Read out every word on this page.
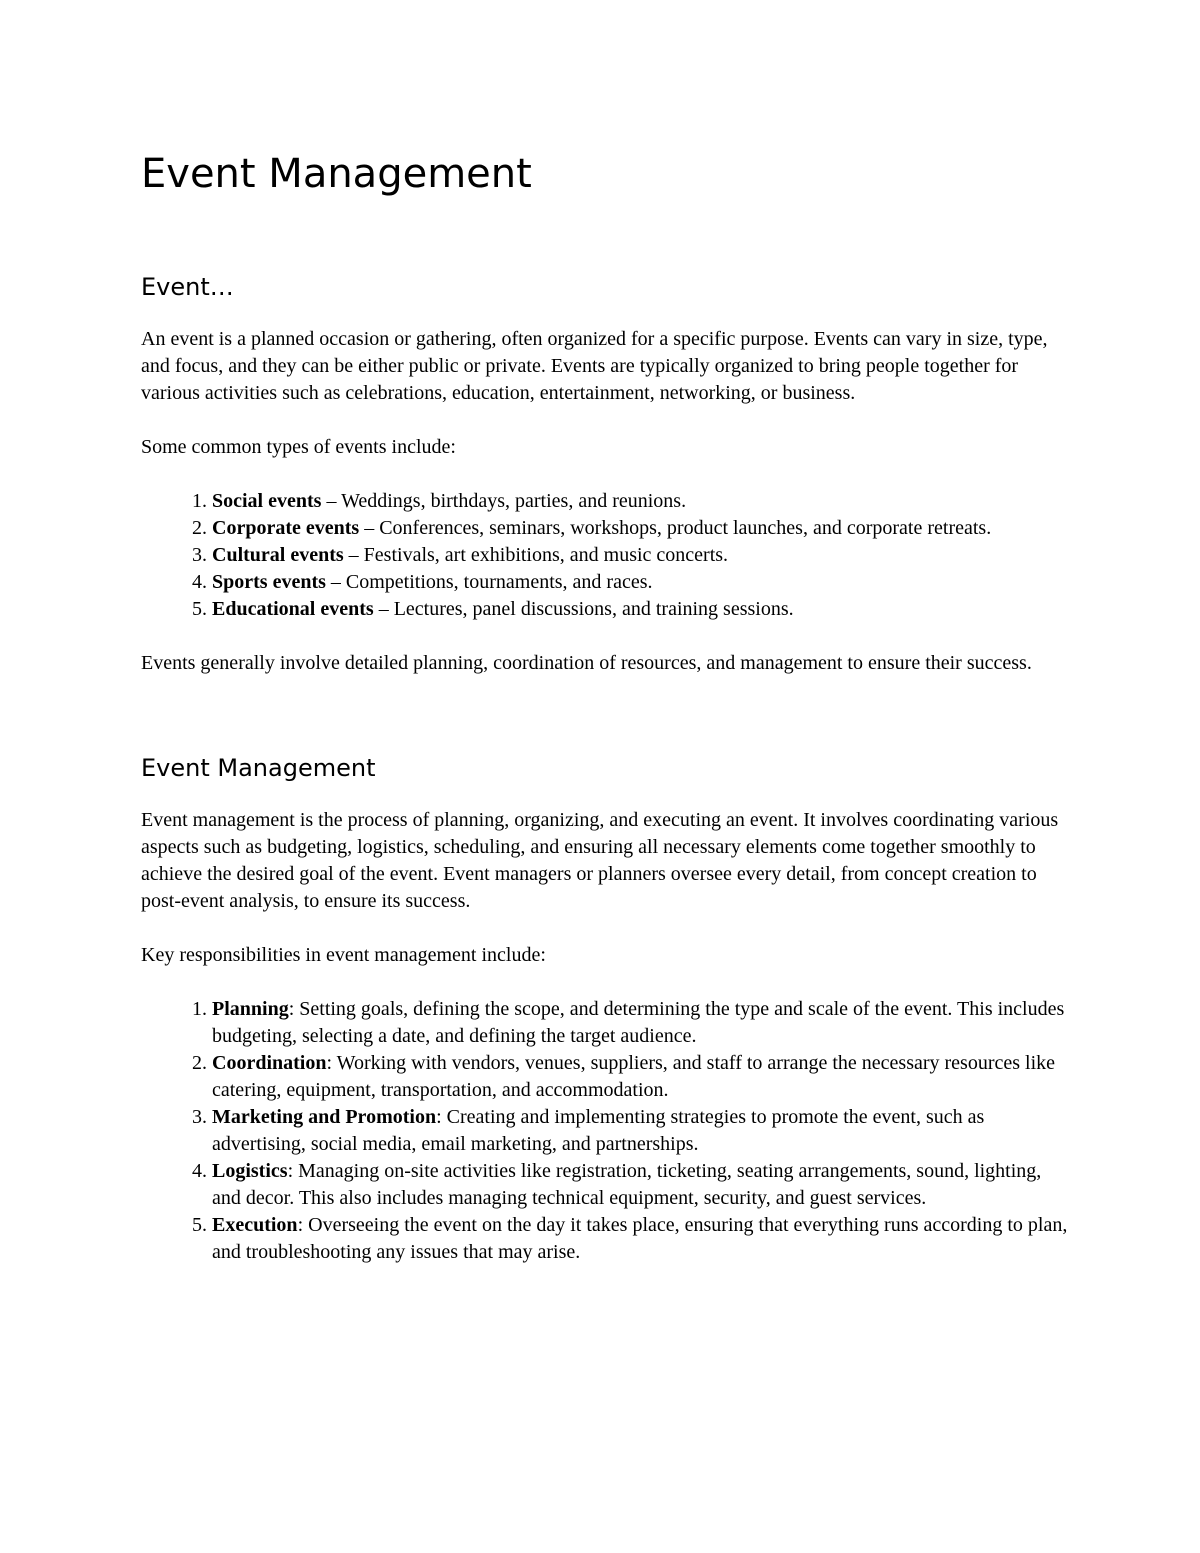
Event Management
Event…

An event is a planned occasion or gathering, often organized for a specific purpose. Events can vary in size, type, and focus, and they can be either public or private. Events are typically organized to bring people together for various activities such as celebrations, education, entertainment, networking, or business.

Some common types of events include:

1. Social events – Weddings, birthdays, parties, and reunions.
2. Corporate events – Conferences, seminars, workshops, product launches, and corporate retreats.
3. Cultural events – Festivals, art exhibitions, and music concerts.
4. Sports events – Competitions, tournaments, and races.
5. Educational events – Lectures, panel discussions, and training sessions.

Events generally involve detailed planning, coordination of resources, and management to ensure their success.

Event Management

Event management is the process of planning, organizing, and executing an event. It involves coordinating various aspects such as budgeting, logistics, scheduling, and ensuring all necessary elements come together smoothly to achieve the desired goal of the event. Event managers or planners oversee every detail, from concept creation to post-event analysis, to ensure its success.

Key responsibilities in event management include:

1. Planning: Setting goals, defining the scope, and determining the type and scale of the event. This includes budgeting, selecting a date, and defining the target audience.
2. Coordination: Working with vendors, venues, suppliers, and staff to arrange the necessary resources like catering, equipment, transportation, and accommodation.
3. Marketing and Promotion: Creating and implementing strategies to promote the event, such as advertising, social media, email marketing, and partnerships.
4. Logistics: Managing on-site activities like registration, ticketing, seating arrangements, sound, lighting, and decor. This also includes managing technical equipment, security, and guest services.
5. Execution: Overseeing the event on the day it takes place, ensuring that everything runs according to plan, and troubleshooting any issues that may arise.
